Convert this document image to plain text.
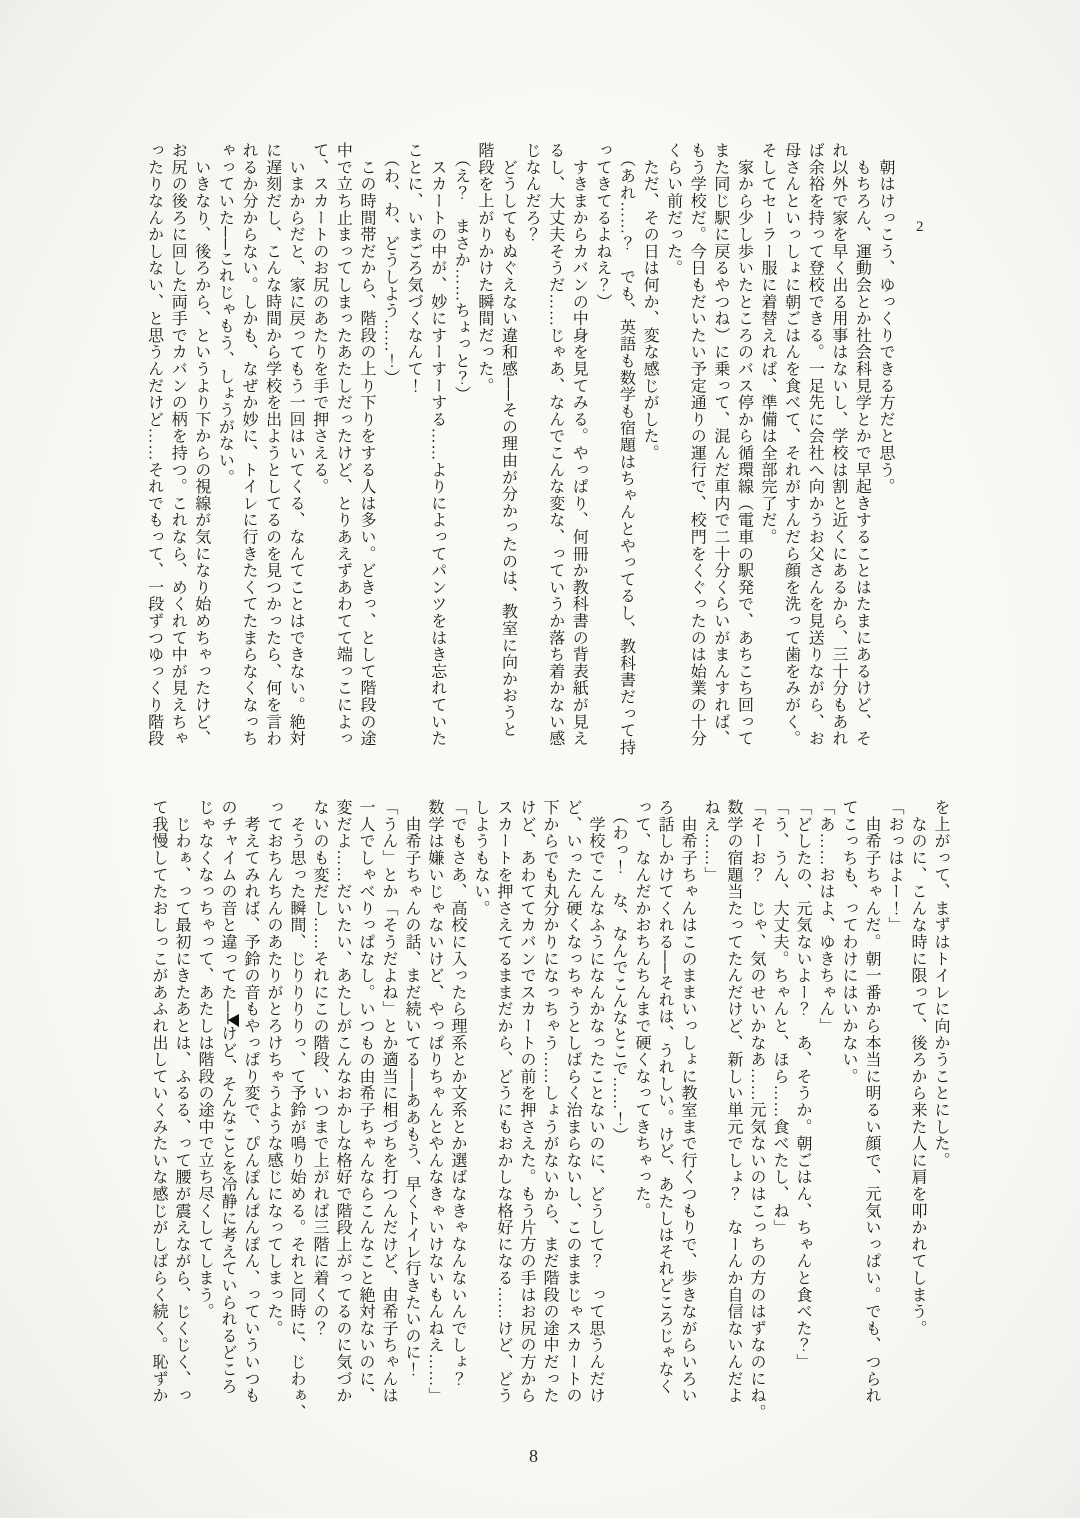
2
　朝はけっこう、ゆっくりできる方だと思う。
　もちろん、運動会とか社会科見学とかで早起きすることはたまにあるけど、そ
れ以外で家を早く出る用事はないし、学校は割と近くにあるから、三十分もあれ
ば余裕を持って登校できる。一足先に会社へ向かうお父さんを見送りながら、お
母さんといっしょに朝ごはんを食べて、それがすんだら顔を洗って歯をみがく。
そしてセーラー服に着替えれば、準備は全部完了だ。
　家から少し歩いたところのバス停から循環線（電車の駅発で、あちこち回って
また同じ駅に戻るやつね）に乗って、混んだ車内で二十分くらいがまんすれば、
もう学校だ。今日もだいたい予定通りの運行で、校門をくぐったのは始業の十分
くらい前だった。
　ただ、その日は何か、変な感じがした。
　（あれ……？　でも、英語も数学も宿題はちゃんとやってるし、教科書だって持
ってきてるよねえ？）
　すきまからカバンの中身を見てみる。やっぱり、何冊か教科書の背表紙が見え
るし、大丈夫そうだ……じゃあ、なんでこんな変な、っていうか落ち着かない感
じなんだろ？
　どうしてもぬぐえない違和感──その理由が分かったのは、教室に向かおうと
階段を上がりかけた瞬間だった。
　（え？　まさか……ちょっと？）
　スカートの中が、妙にすーすーする……よりによってパンツをはき忘れていた
ことに、いまごろ気づくなんて！
　（わ、わ、どうしよう……！）
　この時間帯だから、階段の上り下りをする人は多い。どきっ、として階段の途
中で立ち止まってしまったあたしだったけど、とりあえずあわてて端っこによっ
て、スカートのお尻のあたりを手で押さえる。
　いまからだと、家に戻ってもう一回はいてくる、なんてことはできない。絶対
に遅刻だし、こんな時間から学校を出ようとしてるのを見つかったら、何を言わ
れるか分からない。しかも、なぜか妙に、トイレに行きたくてたまらなくなっち
ゃっていた──これじゃもう、しょうがない。
　いきなり、後ろから、というより下からの視線が気になり始めちゃったけど、
お尻の後ろに回した両手でカバンの柄を持つ。これなら、めくれて中が見えちゃ
ったりなんかしない、と思うんだけど……それでもって、一段ずつゆっくり階段
を上がって、まずはトイレに向かうことにした。
　なのに、こんな時に限って、後ろから来た人に肩を叩かれてしまう。
「おっはよー！」
　由希子ちゃんだ。朝一番から本当に明るい顔で、元気いっぱい。でも、つられ
てこっちも、ってわけにはいかない。
「あ……おはよ、ゆきちゃん」
「どしたの、元気ないよー？　あ、そうか。朝ごはん、ちゃんと食べた？」
「う、うん、大丈夫。ちゃんと、ほら……食べたし、ね」
「そーお？　じゃ、気のせいかなあ……元気ないのはこっちの方のはずなのにね。
数学の宿題当たってたんだけど、新しい単元でしょ？　なーんか自信ないんだよ
ねえ……」
　由希子ちゃんはこのままいっしょに教室まで行くつもりで、歩きながらいろい
ろ話しかけてくれる──それは、うれしい。けど、あたしはそれどころじゃなく
って、なんだかおちんちんまで硬くなってきちゃった。
　（わっ！　な、なんでこんなとこで……！）
　学校でこんなふうになんかなったことないのに、どうして？　って思うんだけ
ど、いったん硬くなっちゃうとしばらく治まらないし、このままじゃスカートの
下からでも丸分かりになっちゃう……しょうがないから、まだ階段の途中だった
けど、あわててカバンでスカートの前を押さえた。もう片方の手はお尻の方から
スカートを押さえてるままだから、どうにもおかしな格好になる……けど、どう
しようもない。
「でもさあ、高校に入ったら理系とか文系とか選ばなきゃなんないんでしょ？
数学は嫌いじゃないけど、やっぱりちゃんとやんなきゃいけないもんねえ……」
　由希子ちゃんの話、まだ続いてる──ああもう、早くトイレ行きたいのに！
「うん」とか「そうだよね」とか適当に相づちを打つんだけど、由希子ちゃんは
一人でしゃべりっぱなし。いつもの由希子ちゃんならこんなこと絶対ないのに、
変だよ……だいたい、あたしがこんなおかしな格好で階段上がってるのに気づか
ないのも変だし……それにこの階段、いつまで上がれば三階に着くの？
　そう思った瞬間、じりりりりっ、て予鈴が鳴り始める。それと同時に、じわぁ、
っておちんちんのあたりがとろけちゃうような感じになってしまった。
　考えてみれば、予鈴の音もやっぱり変で、ぴんぽんぱんぽん、っていういつも
のチャイムの音と違ってた──けど、そんなことを冷静に考えていられるどころ
じゃなくなっちゃって、あたしは階段の途中で立ち尽くしてしまう。
　じわぁ、って最初にきたあとは、ふるる、って腰が震えながら、じくじく、っ
て我慢してたおしっこがあふれ出していくみたいな感じがしばらく続く。恥ずか
8
